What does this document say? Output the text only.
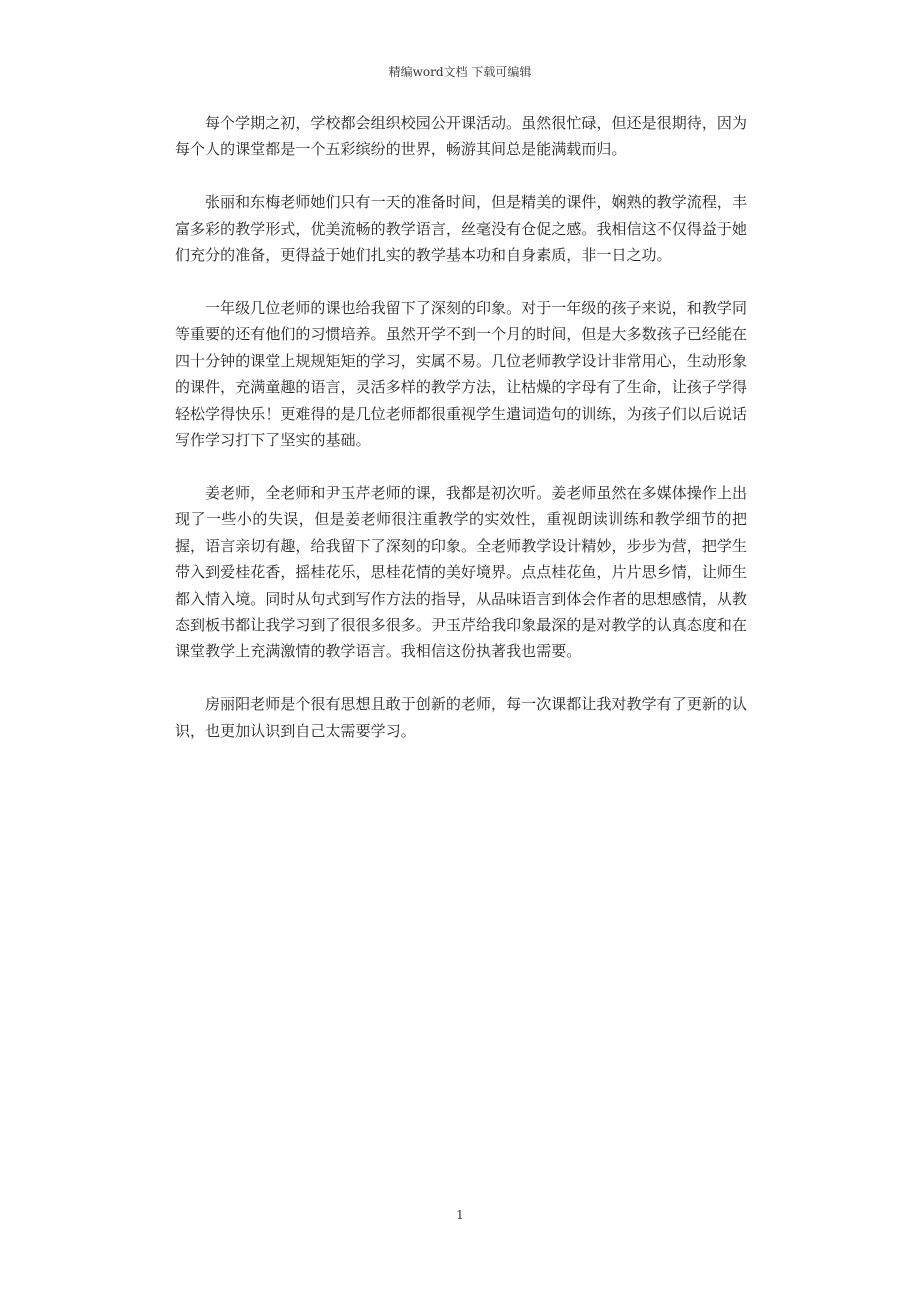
精编word文档 下载可编辑

每个学期之初，学校都会组织校园公开课活动。虽然很忙碌，但还是很期待，因为每个人的课堂都是一个五彩缤纷的世界，畅游其间总是能满载而归。

张丽和东梅老师她们只有一天的准备时间，但是精美的课件，娴熟的教学流程，丰富多彩的教学形式，优美流畅的教学语言，丝毫没有仓促之感。我相信这不仅得益于她们充分的准备，更得益于她们扎实的教学基本功和自身素质，非一日之功。

一年级几位老师的课也给我留下了深刻的印象。对于一年级的孩子来说，和教学同等重要的还有他们的习惯培养。虽然开学不到一个月的时间，但是大多数孩子已经能在四十分钟的课堂上规规矩矩的学习，实属不易。几位老师教学设计非常用心，生动形象的课件，充满童趣的语言，灵活多样的教学方法，让枯燥的字母有了生命，让孩子学得轻松学得快乐！更难得的是几位老师都很重视学生遣词造句的训练，为孩子们以后说话写作学习打下了坚实的基础。

姜老师，全老师和尹玉芹老师的课，我都是初次听。姜老师虽然在多媒体操作上出现了一些小的失误，但是姜老师很注重教学的实效性，重视朗读训练和教学细节的把握，语言亲切有趣，给我留下了深刻的印象。全老师教学设计精妙，步步为营，把学生带入到爱桂花香，摇桂花乐，思桂花情的美好境界。点点桂花鱼，片片思乡情，让师生都入情入境。同时从句式到写作方法的指导，从品味语言到体会作者的思想感情，从教态到板书都让我学习到了很很多很多。尹玉芹给我印象最深的是对教学的认真态度和在课堂教学上充满激情的教学语言。我相信这份执著我也需要。

房丽阳老师是个很有思想且敢于创新的老师，每一次课都让我对教学有了更新的认识，也更加认识到自己太需要学习。

1
